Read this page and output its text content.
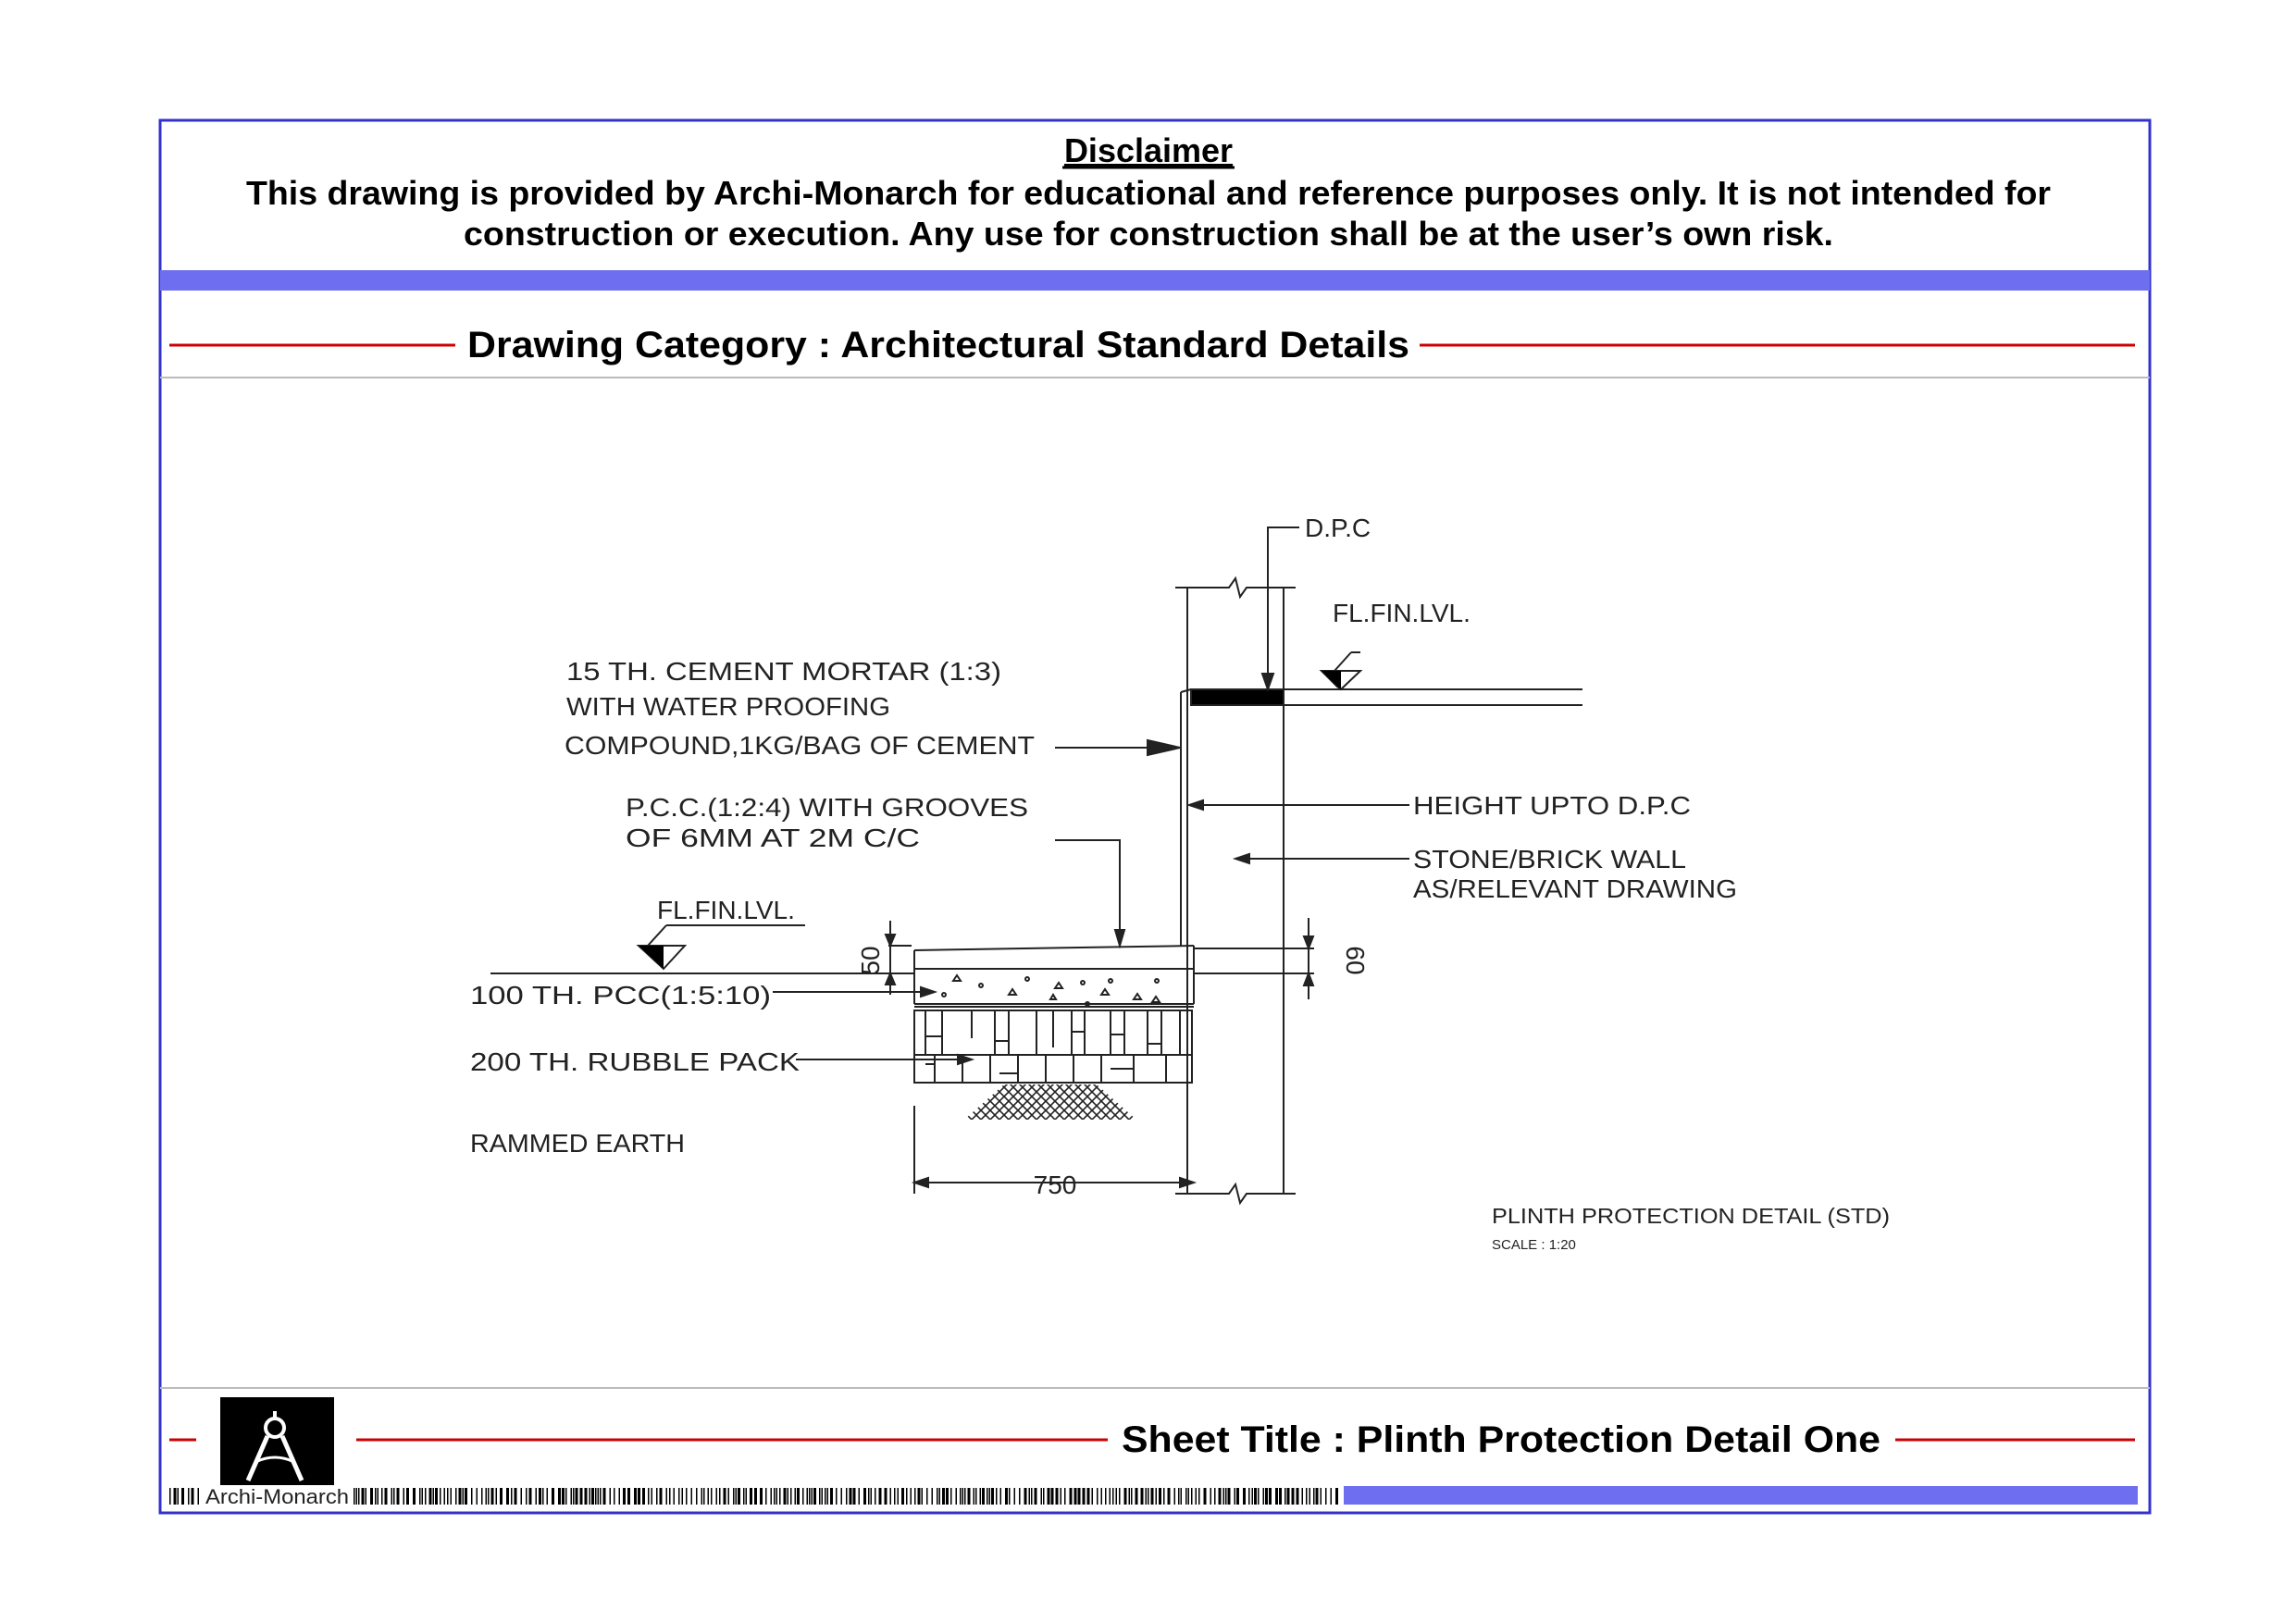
Disclaimer
This drawing is provided by Archi-Monarch for educational and reference purposes only. It is not intended for
construction or execution. Any use for construction shall be at the user’s own risk.
Drawing Category : Architectural Standard Details
D.P.C
FL.FIN.LVL.
15 TH. CEMENT MORTAR (1:3)
WITH WATER PROOFING
COMPOUND,1KG/BAG OF CEMENT
P.C.C.(1:2:4) WITH GROOVES
OF 6MM AT 2M C/C
HEIGHT UPTO D.P.C
STONE/BRICK WALL
AS/RELEVANT DRAWING
FL.FIN.LVL.
100 TH. PCC(1:5:10)
200 TH. RUBBLE PACK
RAMMED EARTH
50	60
750
PLINTH PROTECTION DETAIL (STD)
SCALE : 1:20
Sheet Title : Plinth Protection Detail One
Archi-Monarch
